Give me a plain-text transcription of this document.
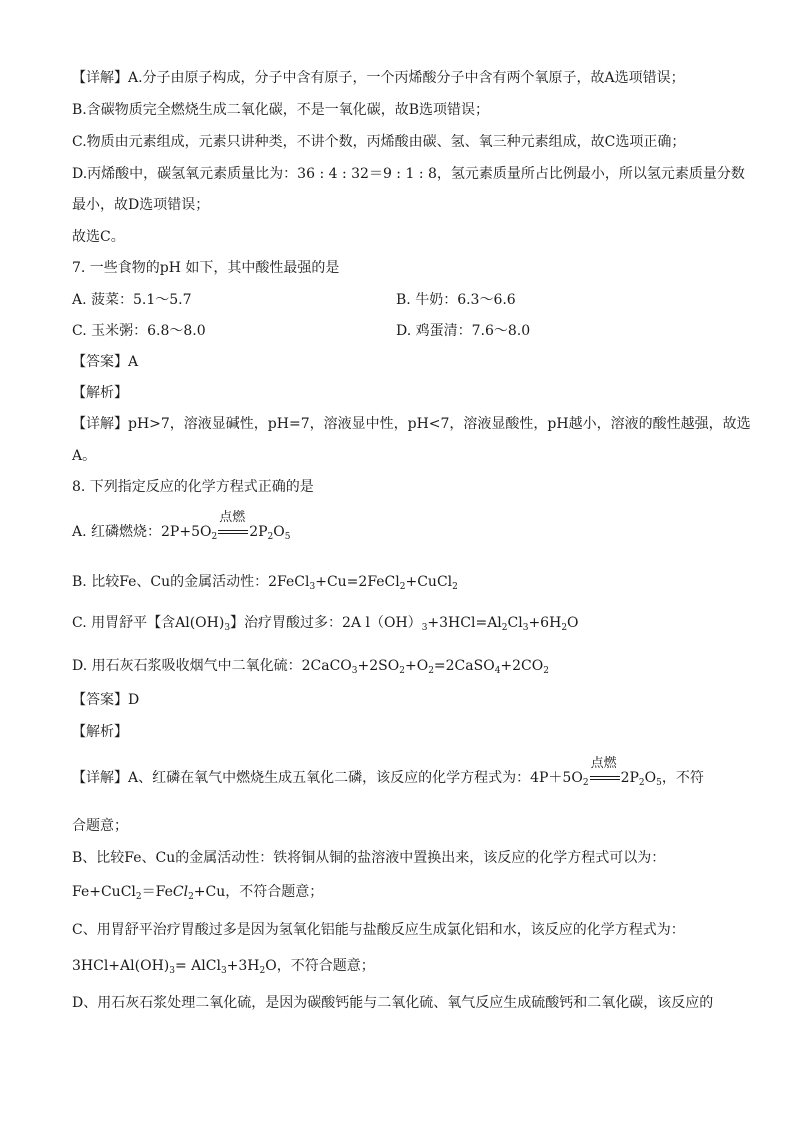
【详解】A.分子由原子构成，分子中含有原子，一个丙烯酸分子中含有两个氧原子，故A选项错误；
B.含碳物质完全燃烧生成二氧化碳，不是一氧化碳，故B选项错误；
C.物质由元素组成，元素只讲种类，不讲个数，丙烯酸由碳、氢、氧三种元素组成，故C选项正确；
D.丙烯酸中，碳氢氧元素质量比为：36 : 4 : 32＝9 : 1 : 8，氢元素质量所占比例最小，所以氢元素质量分数
最小，故D选项错误；
故选C。
7. 一些食物的pH 如下，其中酸性最强的是
A. 菠菜：5.1～5.7	B. 牛奶：6.3～6.6
C. 玉米粥：6.8～8.0	D. 鸡蛋清：7.6～8.0
【答案】A
【解析】
【详解】pH>7，溶液显碱性，pH=7，溶液显中性，pH<7，溶液显酸性，pH越小，溶液的酸性越强，故选
A。
8. 下列指定反应的化学方程式正确的是
A. 红磷燃烧：$2P+5O_2$
点燃
$2P_2O_5$
B. 比较Fe、Cu的金属活动性：2FeCl$_3$+Cu=2FeCl$_2$+CuCl$_2$
C. 用胃舒平【含$Al(OH)_3$】治疗胃酸过多：2A $l(OH)_3+3HCl=Al_2Cl_3+6H_2O$
D. 用石灰石浆吸收烟气中二氧化硫：$2CaCO_3+2SO_2+O_2=2CaSO_4+2CO_2$
【答案】D
【解析】
【详解】A、红磷在氧气中燃烧生成五氧化二磷，该反应的化学方程式为：$4P+5O_2$
点燃
$2P_2O_5$，不符
合题意；
B、比较Fe、Cu的金属活动性：铁将铜从铜的盐溶液中置换出来，该反应的化学方程式可以为：
Fe+CuCl$_2$＝FeCl$_2$+Cu，不符合题意；
C、用胃舒平治疗胃酸过多是因为氢氧化铝能与盐酸反应生成氯化铝和水，该反应的化学方程式为：
$3HCl+Al(OH)_3=$ $AlCl_3+3H_2O$，不符合题意；
D、用石灰石浆处理二氧化硫，是因为碳酸钙能与二氧化硫、氧气反应生成硫酸钙和二氧化碳，该反应的
